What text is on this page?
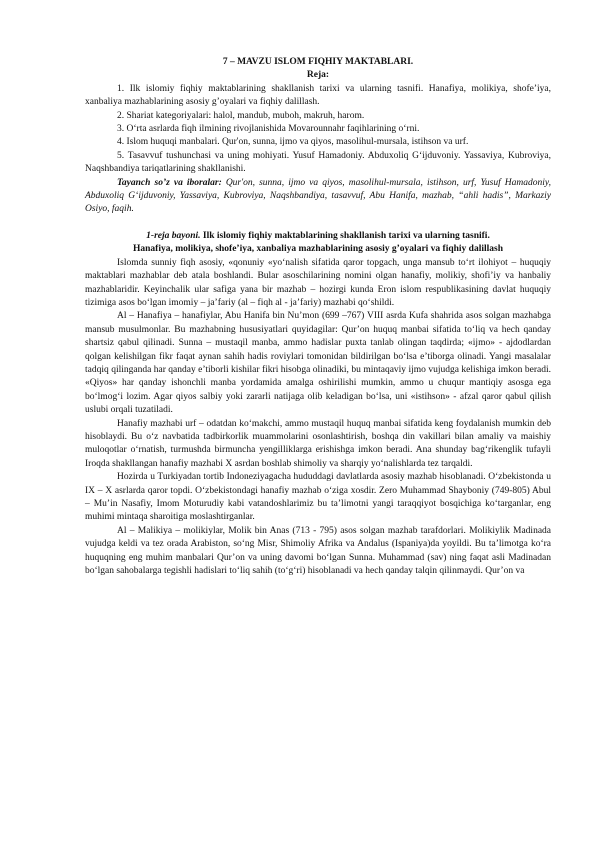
7 – MAVZU ISLOM FIQHIY MAKTABLARI.
Reja:

1. Ilk islomiy fiqhiy maktablarining shakllanish tarixi va ularning tasnifi. Hanafiya, molikiya, shofe’iya, xanbaliya mazhablarining asosiy g’oyalari va fiqhiy dalillash.

2. Shariat kategoriyalari: halol, mandub, muboh, makruh, harom.

3. O‘rta asrlarda fiqh ilmining rivojlanishida Movarounnahr faqihlarining o‘rni.

4. Islom huquqi manbalari. Qur'on, sunna, ijmo va qiyos, masolihul-mursala, istihson va urf.

5. Tasavvuf tushunchasi va uning mohiyati. Yusuf Hamadoniy. Abduxoliq G‘ijduvoniy. Yassaviya, Kubroviya, Naqshbandiya tariqatlarining shakllanishi.

Tayanch so’z va iboralar: Qur'on, sunna, ijmo va qiyos, masolihul-mursala, istihson, urf, Yusuf Hamadoniy, Abduxoliq G‘ijduvoniy, Yassaviya, Kubroviya, Naqshbandiya, tasavvuf, Abu Hanifa, mazhab, “ahli hadis”, Markaziy Osiyo, faqih.

1-reja bayoni. Ilk islomiy fiqhiy maktablarining shakllanish tarixi va ularning tasnifi.
Hanafiya, molikiya, shofe’iya, xanbaliya mazhablarining asosiy g’oyalari va fiqhiy dalillash

Islomda sunniy fiqh asosiy, «qonuniy «yo‘nalish sifatida qaror topgach, unga mansub to‘rt ilohiyot – huquqiy maktablari mazhablar deb atala boshlandi. Bular asoschilarining nomini olgan hanafiy, molikiy, shofi’iy va hanbaliy mazhablaridir. Keyinchalik ular safiga yana bir mazhab – hozirgi kunda Eron islom respublikasining davlat huquqiy tizimiga asos bo‘lgan imomiy – ja’fariy (al – fiqh al - ja’fariy) mazhabi qo‘shildi.

Al – Hanafiya – hanafiylar, Abu Hanifa bin Nu’mon (699 –767) VIII asrda Kufa shahrida asos solgan mazhabga mansub musulmonlar. Bu mazhabning hususiyatlari quyidagilar: Qur’on huquq manbai sifatida to‘liq va hech qanday shartsiz qabul qilinadi. Sunna – mustaqil manba, ammo hadislar puxta tanlab olingan taqdirda; «ijmo» - ajdodlardan qolgan kelishilgan fikr faqat aynan sahih hadis roviylari tomonidan bildirilgan bo‘lsa e’tiborga olinadi. Yangi masalalar tadqiq qilinganda har qanday e’tiborli kishilar fikri hisobga olinadiki, bu mintaqaviy ijmo vujudga kelishiga imkon beradi. «Qiyos» har qanday ishonchli manba yordamida amalga oshirilishi mumkin, ammo u chuqur mantiqiy asosga ega bo‘lmog‘i lozim. Agar qiyos salbiy yoki zararli natijaga olib keladigan bo‘lsa, uni «istihson» - afzal qaror qabul qilish uslubi orqali tuzatiladi.

Hanafiy mazhabi urf – odatdan ko‘makchi, ammo mustaqil huquq manbai sifatida keng foydalanish mumkin deb hisoblaydi. Bu o‘z navbatida tadbirkorlik muammolarini osonlashtirish, boshqa din vakillari bilan amaliy va maishiy muloqotlar o‘rnatish, turmushda birmuncha yengilliklarga erishishga imkon beradi. Ana shunday bag‘rikenglik tufayli Iroqda shakllangan hanafiy mazhabi X asrdan boshlab shimoliy va sharqiy yo‘nalishlarda tez tarqaldi.

Hozirda u Turkiyadan tortib Indoneziyagacha hududdagi davlatlarda asosiy mazhab hisoblanadi. O‘zbekistonda u IX – X asrlarda qaror topdi. O‘zbekistondagi hanafiy mazhab o‘ziga xosdir. Zero Muhammad Shayboniy (749-805) Abul – Mu’in Nasafiy, Imom Moturudiy kabi vatandoshlarimiz bu ta’limotni yangi taraqqiyot bosqichiga ko‘targanlar, eng muhimi mintaqa sharoitiga moslashtirganlar.

Al – Malikiya – molikiylar, Molik bin Anas (713 - 795) asos solgan mazhab tarafdorlari. Molikiylik Madinada vujudga keldi va tez orada Arabiston, so‘ng Misr, Shimoliy Afrika va Andalus (Ispaniya)da yoyildi. Bu ta’limotga ko‘ra huquqning eng muhim manbalari Qur’on va uning davomi bo‘lgan Sunna. Muhammad (sav) ning faqat asli Madinadan bo‘lgan sahobalarga tegishli hadislari to‘liq sahih (to‘g‘ri) hisoblanadi va hech qanday talqin qilinmaydi. Qur’on va
